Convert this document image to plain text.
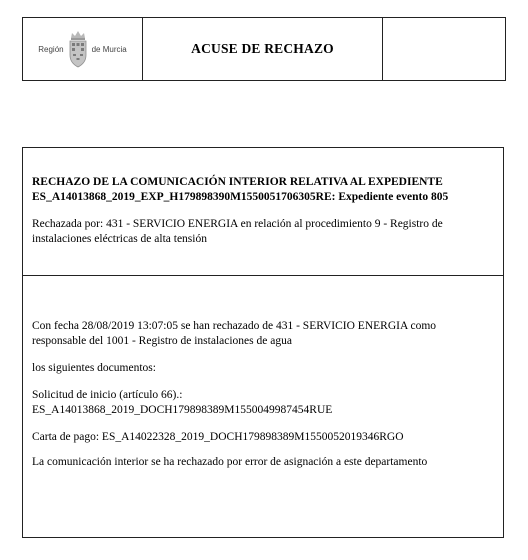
Región	de Murcia	ACUSE DE RECHAZO
RECHAZO DE LA COMUNICACIÓN INTERIOR RELATIVA AL EXPEDIENTE
ES_A14013868_2019_EXP_H179898390M1550051706305RE: Expediente evento 805
Rechazada por: 431 - SERVICIO ENERGIA en relación al procedimiento 9 - Registro de
instalaciones eléctricas de alta tensión
Con fecha 28/08/2019 13:07:05 se han rechazado de 431 - SERVICIO ENERGIA como
responsable del 1001 - Registro de instalaciones de agua
los siguientes documentos:
Solicitud de inicio (artículo 66).:
ES_A14013868_2019_DOCH179898389M1550049987454RUE
Carta de pago: ES_A14022328_2019_DOCH179898389M1550052019346RGO
La comunicación interior se ha rechazado por error de asignación a este departamento
